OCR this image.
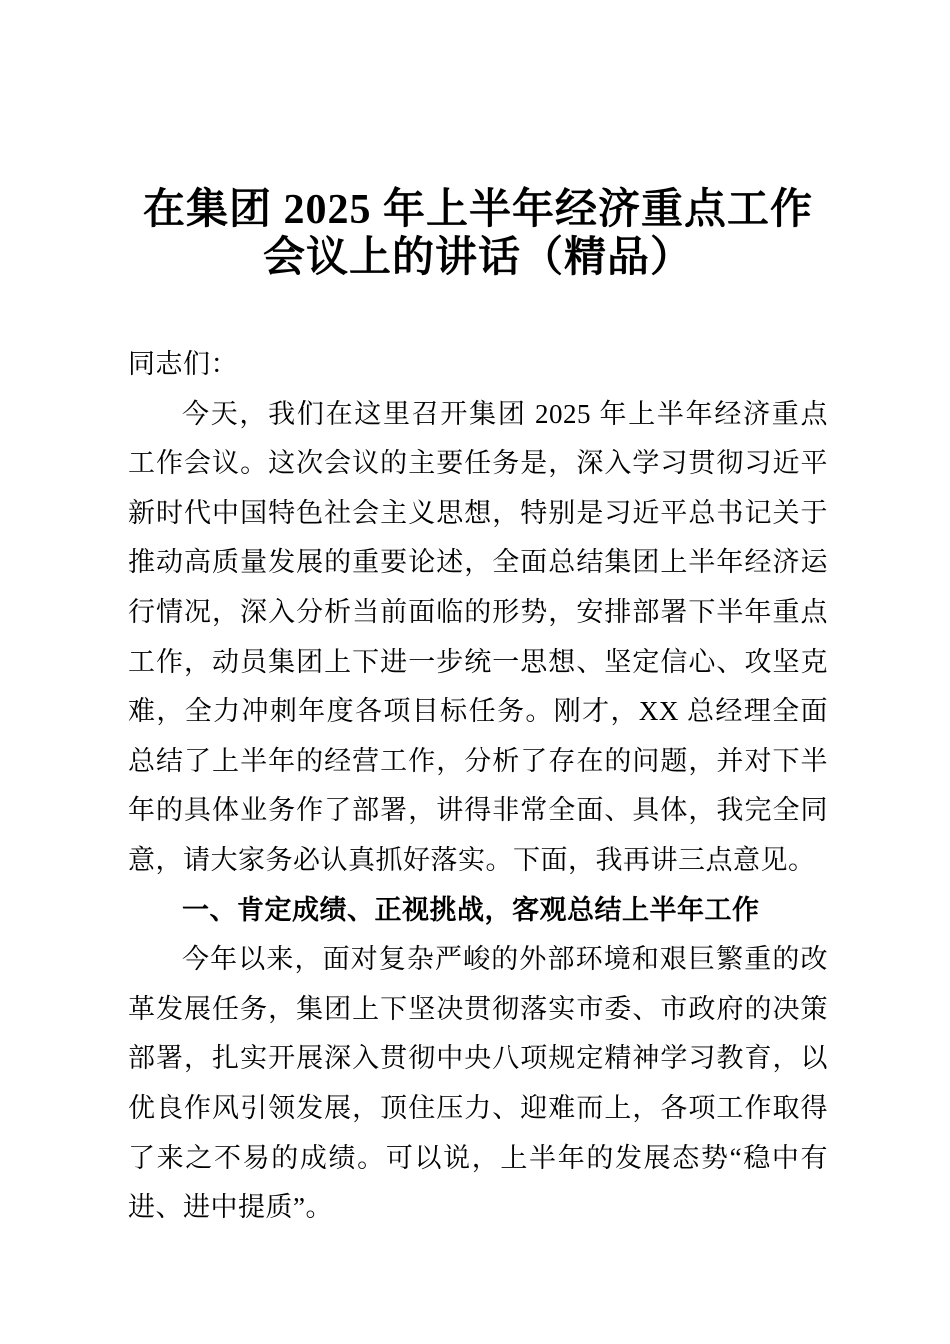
在集团 2025 年上半年经济重点工作会议上的讲话（精品）

同志们：

今天，我们在这里召开集团 2025 年上半年经济重点工作会议。这次会议的主要任务是，深入学习贯彻习近平新时代中国特色社会主义思想，特别是习近平总书记关于推动高质量发展的重要论述，全面总结集团上半年经济运行情况，深入分析当前面临的形势，安排部署下半年重点工作，动员集团上下进一步统一思想、坚定信心、攻坚克难，全力冲刺年度各项目标任务。刚才，XX 总经理全面总结了上半年的经营工作，分析了存在的问题，并对下半年的具体业务作了部署，讲得非常全面、具体，我完全同意，请大家务必认真抓好落实。下面，我再讲三点意见。

一、肯定成绩、正视挑战，客观总结上半年工作

今年以来，面对复杂严峻的外部环境和艰巨繁重的改革发展任务，集团上下坚决贯彻落实市委、市政府的决策部署，扎实开展深入贯彻中央八项规定精神学习教育，以优良作风引领发展，顶住压力、迎难而上，各项工作取得了来之不易的成绩。可以说，上半年的发展态势“稳中有进、进中提质”。
